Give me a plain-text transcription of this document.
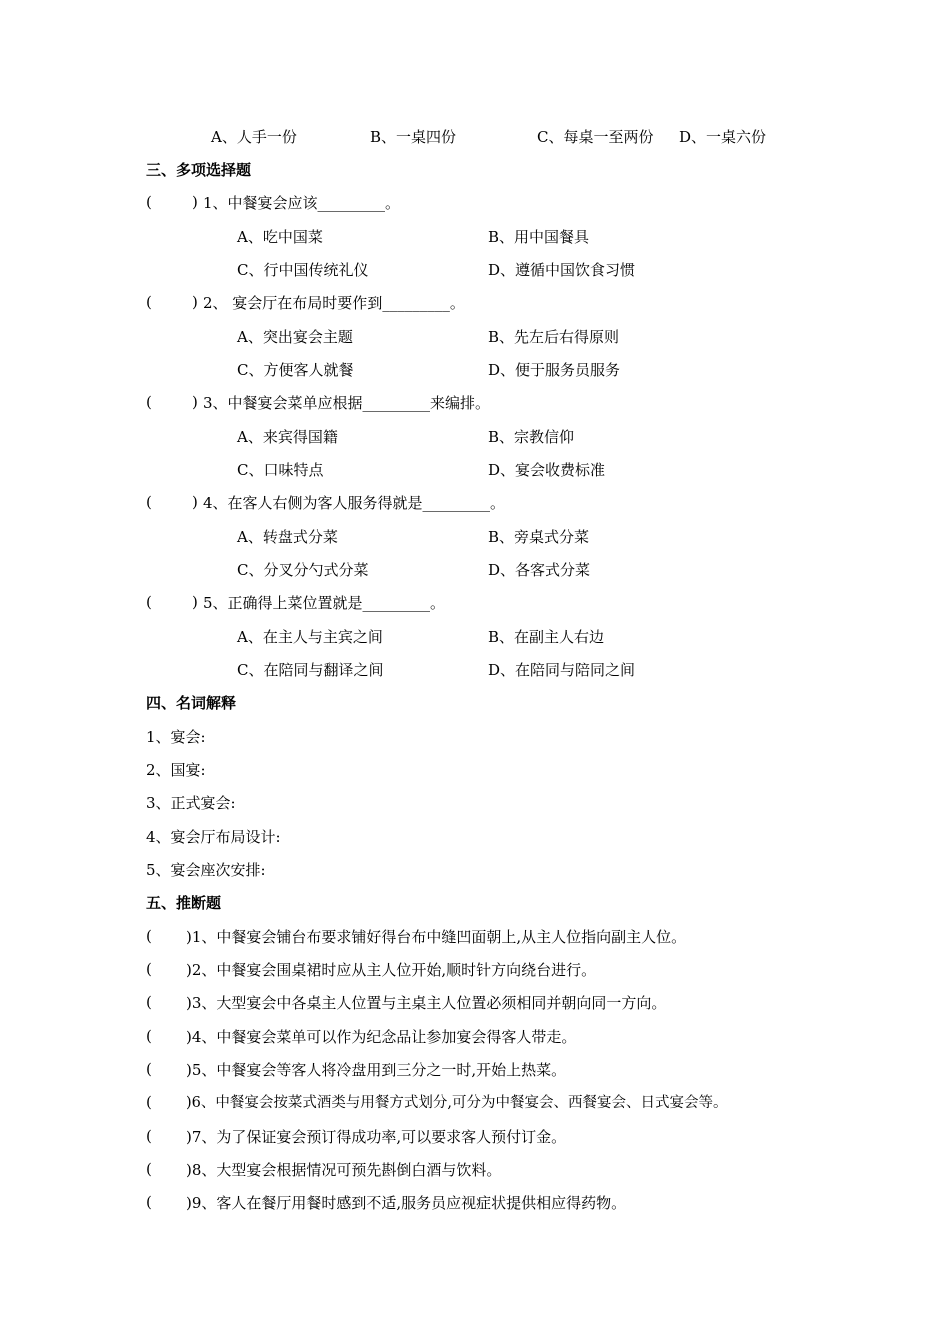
A、人手一份	B、一桌四份	C、每桌一至两份 D、一桌六份
三、多项选择题
(	) 1、中餐宴会应该_________。
A、吃中国菜	B、用中国餐具
C、行中国传统礼仪	D、遵循中国饮食习惯
(	) 2、 宴会厅在布局时要作到_________。
A、突出宴会主题	B、先左后右得原则
C、方便客人就餐	D、便于服务员服务
(	) 3、中餐宴会菜单应根据_________来编排。
A、来宾得国籍	B、宗教信仰
C、口味特点	D、宴会收费标准
(	) 4、在客人右侧为客人服务得就是_________。
A、转盘式分菜	B、旁桌式分菜
C、分叉分勺式分菜	D、各客式分菜
(	) 5、正确得上菜位置就是_________。
A、在主人与主宾之间	B、在副主人右边
C、在陪同与翻译之间	D、在陪同与陪同之间
四、名词解释
1、宴会:
2、国宴:
3、正式宴会:
4、宴会厅布局设计:
5、宴会座次安排:
五、推断题
( )1、中餐宴会铺台布要求铺好得台布中缝凹面朝上,从主人位指向副主人位。
( )2、中餐宴会围桌裙时应从主人位开始,顺时针方向绕台进行。
( )3、大型宴会中各桌主人位置与主桌主人位置必须相同并朝向同一方向。
( )4、中餐宴会菜单可以作为纪念品让参加宴会得客人带走。
( )5、中餐宴会等客人将冷盘用到三分之一时,开始上热菜。
( )6、中餐宴会按菜式酒类与用餐方式划分,可分为中餐宴会、西餐宴会、日式宴会等。
( )7、为了保证宴会预订得成功率,可以要求客人预付订金。
( )8、大型宴会根据情况可预先斟倒白酒与饮料。
( )9、客人在餐厅用餐时感到不适,服务员应视症状提供相应得药物。
